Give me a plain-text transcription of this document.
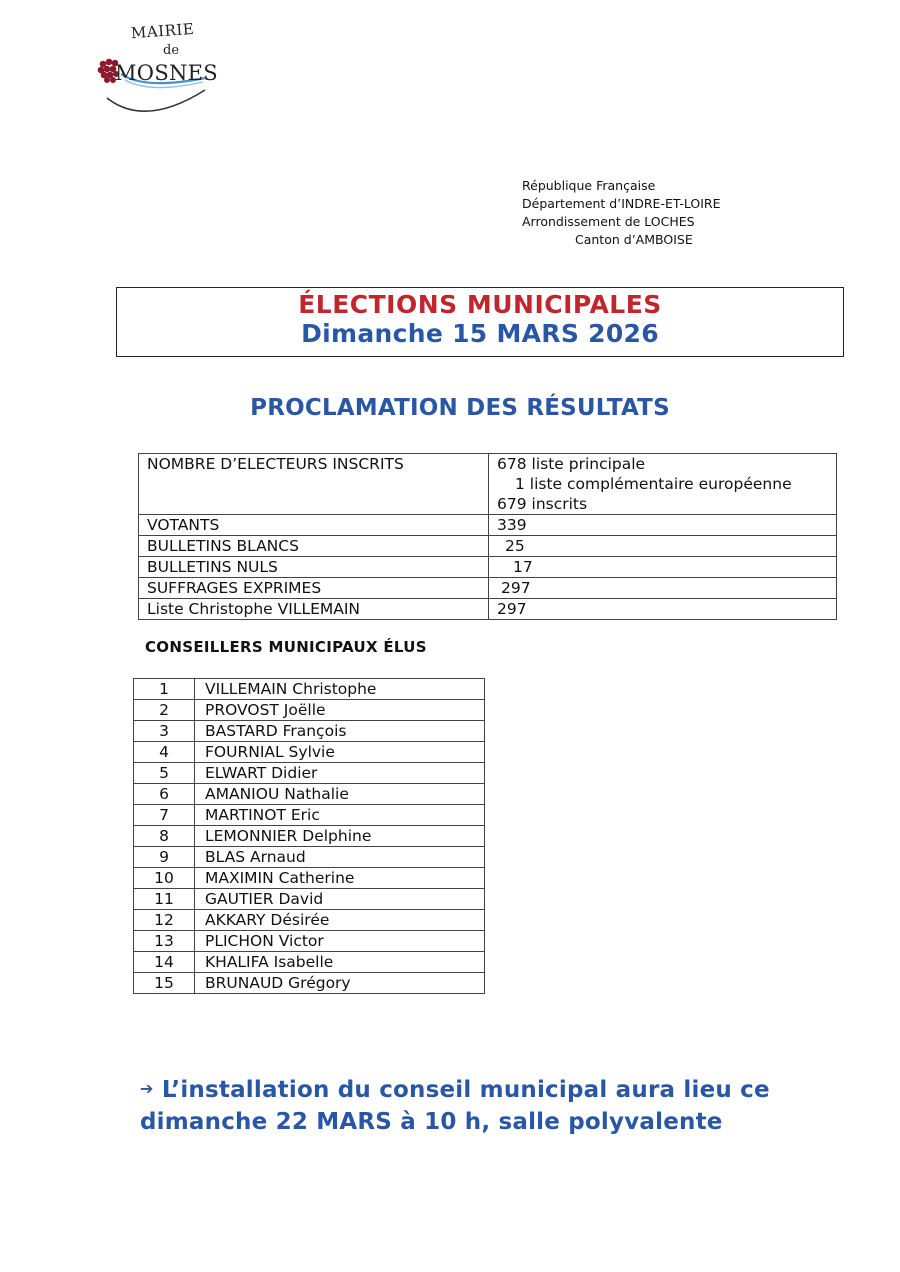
MAIRIE
de
MOSNES
République Française
Département d’INDRE-ET-LOIRE
Arrondissement de LOCHES
Canton d’AMBOISE
ÉLECTIONS MUNICIPALES
Dimanche 15 MARS 2026
PROCLAMATION DES RÉSULTATS
NOMBRE D’ELECTEURS INSCRITS	678 liste principale
1 liste complémentaire européenne
679 inscrits

VOTANTS	339
BULLETINS BLANCS	25
BULLETINS NULS	17
SUFFRAGES EXPRIMES	297
Liste Christophe VILLEMAIN	297
CONSEILLERS MUNICIPAUX ÉLUS
1	VILLEMAIN Christophe
2	PROVOST Joëlle
3	BASTARD François
4	FOURNIAL Sylvie
5	ELWART Didier
6	AMANIOU Nathalie
7	MARTINOT Eric
8	LEMONNIER Delphine
9	BLAS Arnaud
10	MAXIMIN Catherine
11	GAUTIER David
12	AKKARY Désirée
13	PLICHON Victor
14	KHALIFA Isabelle
15	BRUNAUD Grégory
➔ L’installation du conseil municipal aura lieu ce
dimanche 22 MARS à 10 h, salle polyvalente
